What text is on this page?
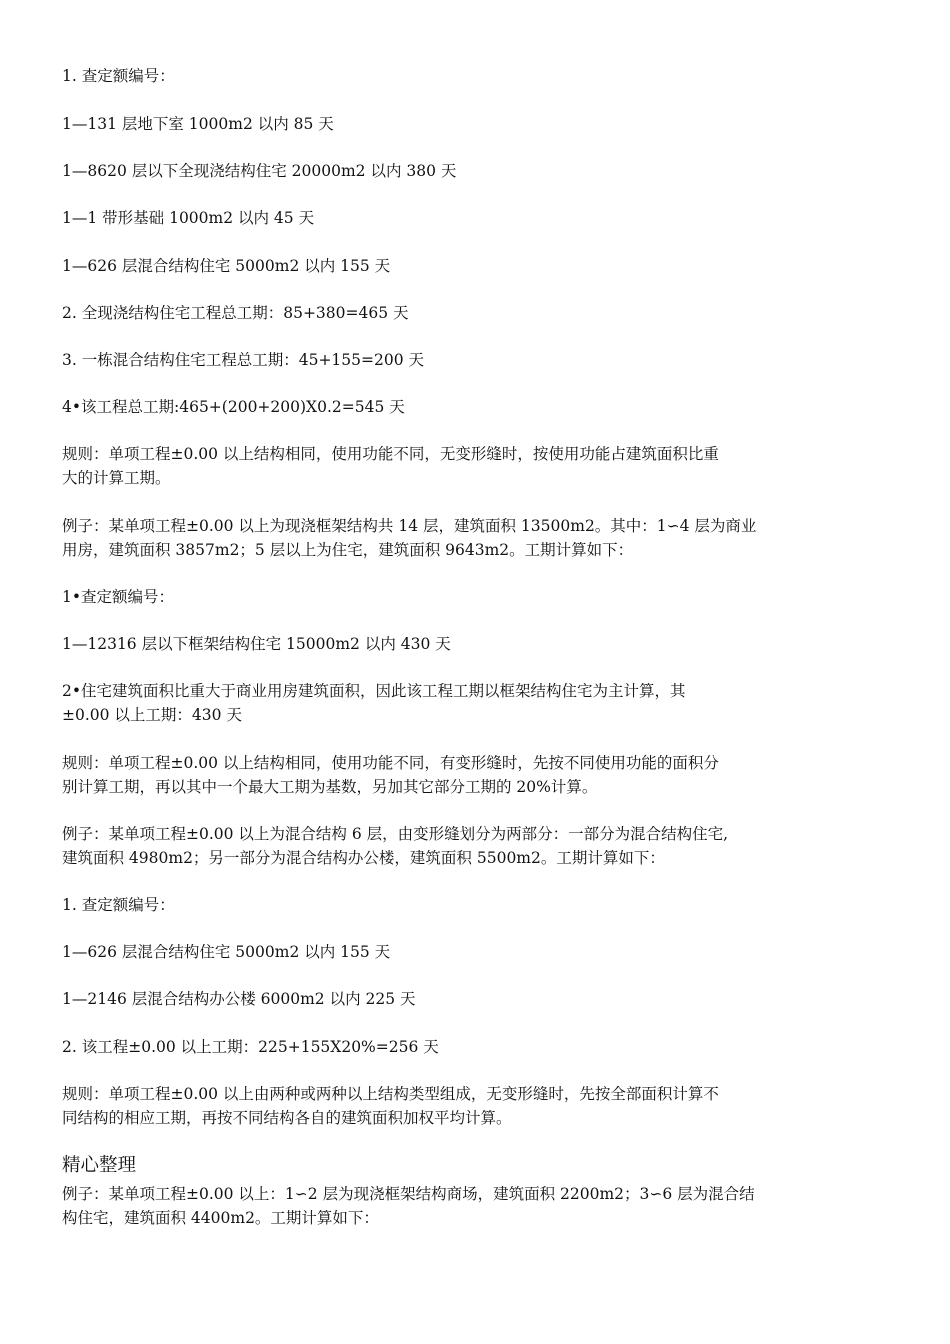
1. 查定额编号：

1—131 层地下室 1000m2 以内 85 天

1—8620 层以下全现浇结构住宅 20000m2 以内 380 天

1—1 带形基础 1000m2 以内 45 天

1—626 层混合结构住宅 5000m2 以内 155 天

2. 全现浇结构住宅工程总工期：85+380=465 天

3. 一栋混合结构住宅工程总工期：45+155=200 天

4•该工程总工期:465+(200+200)X0.2=545 天

规则：单项工程±0.00 以上结构相同，使用功能不同，无变形缝时，按使用功能占建筑面积比重

大的计算工期。

例子：某单项工程±0.00 以上为现浇框架结构共 14 层，建筑面积 13500m2。其中：1∽4 层为商业

用房，建筑面积 3857m2；5 层以上为住宅，建筑面积 9643m2。工期计算如下：

1•查定额编号：

1—12316 层以下框架结构住宅 15000m2 以内 430 天

2•住宅建筑面积比重大于商业用房建筑面积，因此该工程工期以框架结构住宅为主计算，其

±0.00 以上工期：430 天

规则：单项工程±0.00 以上结构相同，使用功能不同，有变形缝时，先按不同使用功能的面积分

别计算工期，再以其中一个最大工期为基数，另加其它部分工期的 20%计算。

例子：某单项工程±0.00 以上为混合结构 6 层，由变形缝划分为两部分：一部分为混合结构住宅,

建筑面积 4980m2；另一部分为混合结构办公楼，建筑面积 5500m2。工期计算如下：

1. 查定额编号：

1—626 层混合结构住宅 5000m2 以内 155 天

1—2146 层混合结构办公楼 6000m2 以内 225 天

2. 该工程±0.00 以上工期：225+155X20%=256 天

规则：单项工程±0.00 以上由两种或两种以上结构类型组成，无变形缝时，先按全部面积计算不

同结构的相应工期，再按不同结构各自的建筑面积加权平均计算。

精心整理

例子：某单项工程±0.00 以上：1∽2 层为现浇框架结构商场，建筑面积 2200m2；3∽6 层为混合结

构住宅，建筑面积 4400m2。工期计算如下：
